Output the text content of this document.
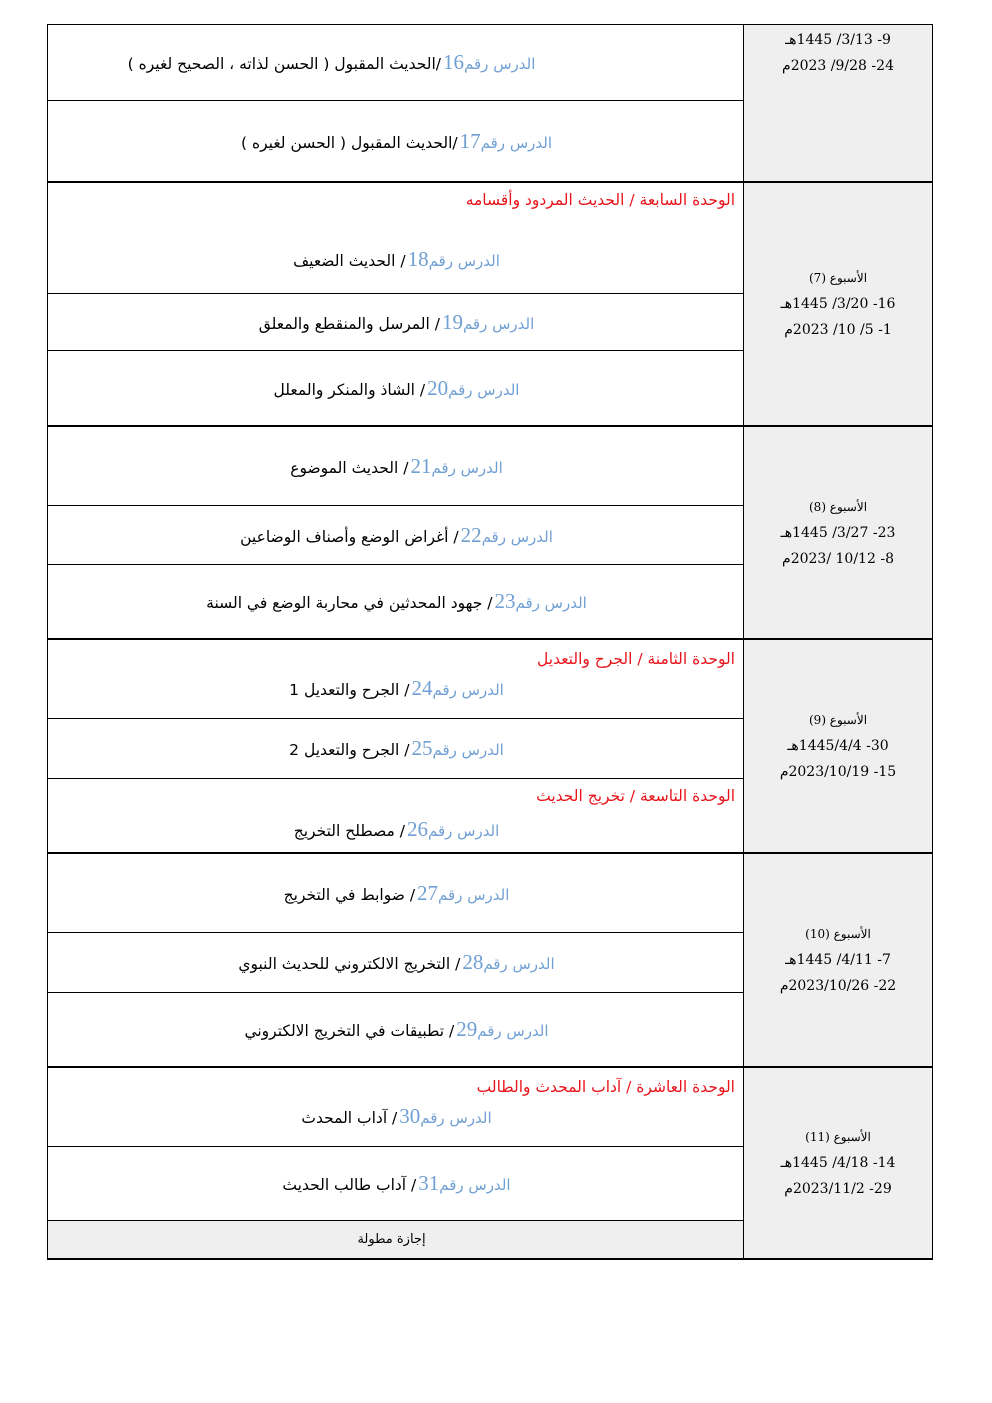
9- 3/13/ 1445هـ
24- 9/28/ 2023م
الدرس رقم
16
/الحديث المقبول ( الحسن لذاته ، الصحيح لغيره )
الدرس رقم
17
/الحديث المقبول ( الحسن لغيره )
الأسبوع (7)
16- 3/20/ 1445هـ
1- 5/ 10/ 2023م
الوحدة السابعة / الحديث المردود وأقسامه
الدرس رقم
18
/ الحديث الضعيف
الدرس رقم
19
/ المرسل والمنقطع والمعلق
الدرس رقم
20
/ الشاذ والمنكر والمعلل
الأسبوع (8)
23- 3/27/ 1445هـ
8- 10/12 /2023م
الدرس رقم
21
/ الحديث الموضوع
الدرس رقم
22
/ أغراض الوضع وأصناف الوضاعين
الدرس رقم
23
/ جهود المحدثين في محاربة الوضع في السنة
الأسبوع (9)
30- 1445/4/4هـ
15- 2023/10/19م
الوحدة الثامنة / الجرح والتعديل
الدرس رقم
24
/ الجرح والتعديل 1
الدرس رقم
25
/ الجرح والتعديل 2
الوحدة التاسعة / تخريج الحديث
الدرس رقم
26
/ مصطلح التخريج
الأسبوع (10)
7- 4/11/ 1445هـ
22- 2023/10/26م
الدرس رقم
27
/ ضوابط في التخريج
الدرس رقم
28
/ التخريج الالكتروني للحديث النبوي
الدرس رقم
29
/ تطبيقات في التخريج الالكتروني
الأسبوع (11)
14- 4/18/ 1445هـ
29- 2023/11/2م
الوحدة العاشرة / آداب المحدث والطالب
الدرس رقم
30
/ آداب المحدث
الدرس رقم
31
/ آداب طالب الحديث
إجازة مطولة
